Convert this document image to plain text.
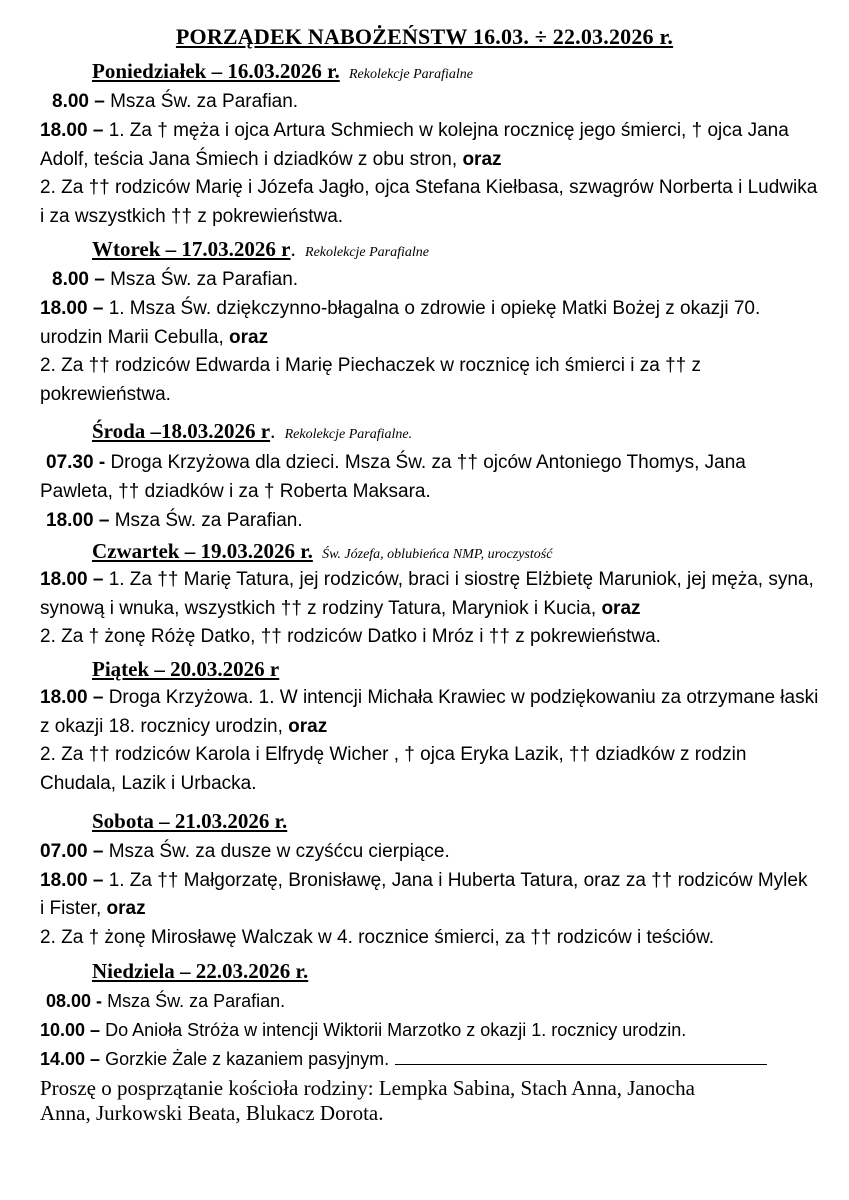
PORZĄDEK NABOŻEŃSTW 16.03. ÷ 22.03.2026 r.
Poniedziałek – 16.03.2026 r. Rekolekcje Parafialne
8.00 – Msza Św. za Parafian.
18.00 – 1. Za † męża i ojca Artura Schmiech w kolejna rocznicę jego śmierci, † ojca Jana
Adolf, teścia Jana Śmiech i dziadków z obu stron, oraz
2. Za †† rodziców Marię i Józefa Jagło, ojca Stefana Kiełbasa, szwagrów Norberta i Ludwika
i za wszystkich †† z pokrewieństwa.
Wtorek – 17.03.2026 r. Rekolekcje Parafialne
8.00 – Msza Św. za Parafian.
18.00 – 1. Msza Św. dziękczynno-błagalna o zdrowie i opiekę Matki Bożej z okazji 70.
urodzin Marii Cebulla, oraz
2. Za †† rodziców Edwarda i Marię Piechaczek w rocznicę ich śmierci i za †† z
pokrewieństwa.
Środa –18.03.2026 r. Rekolekcje Parafialne.
07.30 - Droga Krzyżowa dla dzieci. Msza Św. za †† ojców Antoniego Thomys, Jana
Pawleta, †† dziadków i za † Roberta Maksara.
18.00 – Msza Św. za Parafian.
Czwartek – 19.03.2026 r. Św. Józefa, oblubieńca NMP, uroczystość
18.00 – 1. Za †† Marię Tatura, jej rodziców, braci i siostrę Elżbietę Maruniok, jej męża, syna,
synową i wnuka, wszystkich †† z rodziny Tatura, Maryniok i Kucia, oraz
2. Za † żonę Różę Datko, †† rodziców Datko i Mróz i †† z pokrewieństwa.
Piątek – 20.03.2026 r
18.00 – Droga Krzyżowa. 1. W intencji Michała Krawiec w podziękowaniu za otrzymane łaski
z okazji 18. rocznicy urodzin, oraz
2. Za †† rodziców Karola i Elfrydę Wicher , † ojca Eryka Lazik, †† dziadków z rodzin
Chudala, Lazik i Urbacka.
Sobota – 21.03.2026 r.
07.00 – Msza Św. za dusze w czyśćcu cierpiące.
18.00 – 1. Za †† Małgorzatę, Bronisławę, Jana i Huberta Tatura, oraz za †† rodziców Mylek
i Fister, oraz
2. Za † żonę Mirosławę Walczak w 4. rocznice śmierci, za †† rodziców i teściów.
Niedziela – 22.03.2026 r.
08.00 - Msza Św. za Parafian.
10.00 – Do Anioła Stróża w intencji Wiktorii Marzotko z okazji 1. rocznicy urodzin.
14.00 – Gorzkie Żale z kazaniem pasyjnym.
Proszę o posprzątanie kościoła rodziny: Lempka Sabina, Stach Anna, Janocha
Anna, Jurkowski Beata, Blukacz Dorota.
